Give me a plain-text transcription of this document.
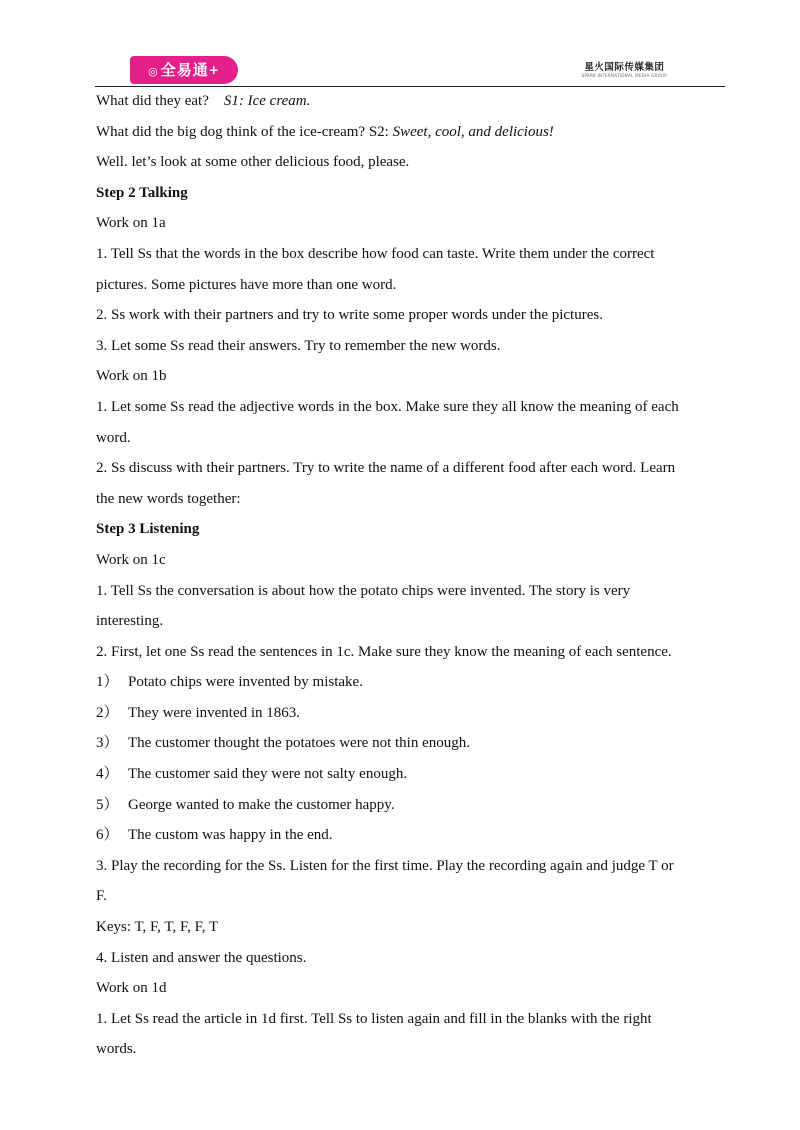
◎ 全易通+	星火国际传媒集团
SPARK INTERNATIONAL MEDIA GROUP
What did they eat? S1: Ice cream.
What did the big dog think of the ice-cream? S2: Sweet, cool, and delicious!
Well. let’s look at some other delicious food, please.
Step 2 Talking
Work on 1a
1. Tell Ss that the words in the box describe how food can taste. Write them under the correct
pictures. Some pictures have more than one word.
2. Ss work with their partners and try to write some proper words under the pictures.
3. Let some Ss read their answers. Try to remember the new words.
Work on 1b
1. Let some Ss read the adjective words in the box. Make sure they all know the meaning of each
word.
2. Ss discuss with their partners. Try to write the name of a different food after each word. Learn
the new words together:
Step 3 Listening
Work on 1c
1. Tell Ss the conversation is about how the potato chips were invented. The story is very
interesting.
2. First, let one Ss read the sentences in 1c. Make sure they know the meaning of each sentence.
1） Potato chips were invented by mistake.
2） They were invented in 1863.
3） The customer thought the potatoes were not thin enough.
4） The customer said they were not salty enough.
5） George wanted to make the customer happy.
6） The custom was happy in the end.
3. Play the recording for the Ss. Listen for the first time. Play the recording again and judge T or
F.
Keys: T, F, T, F, F, T
4. Listen and answer the questions.
Work on 1d
1. Let Ss read the article in 1d first. Tell Ss to listen again and fill in the blanks with the right
words.
